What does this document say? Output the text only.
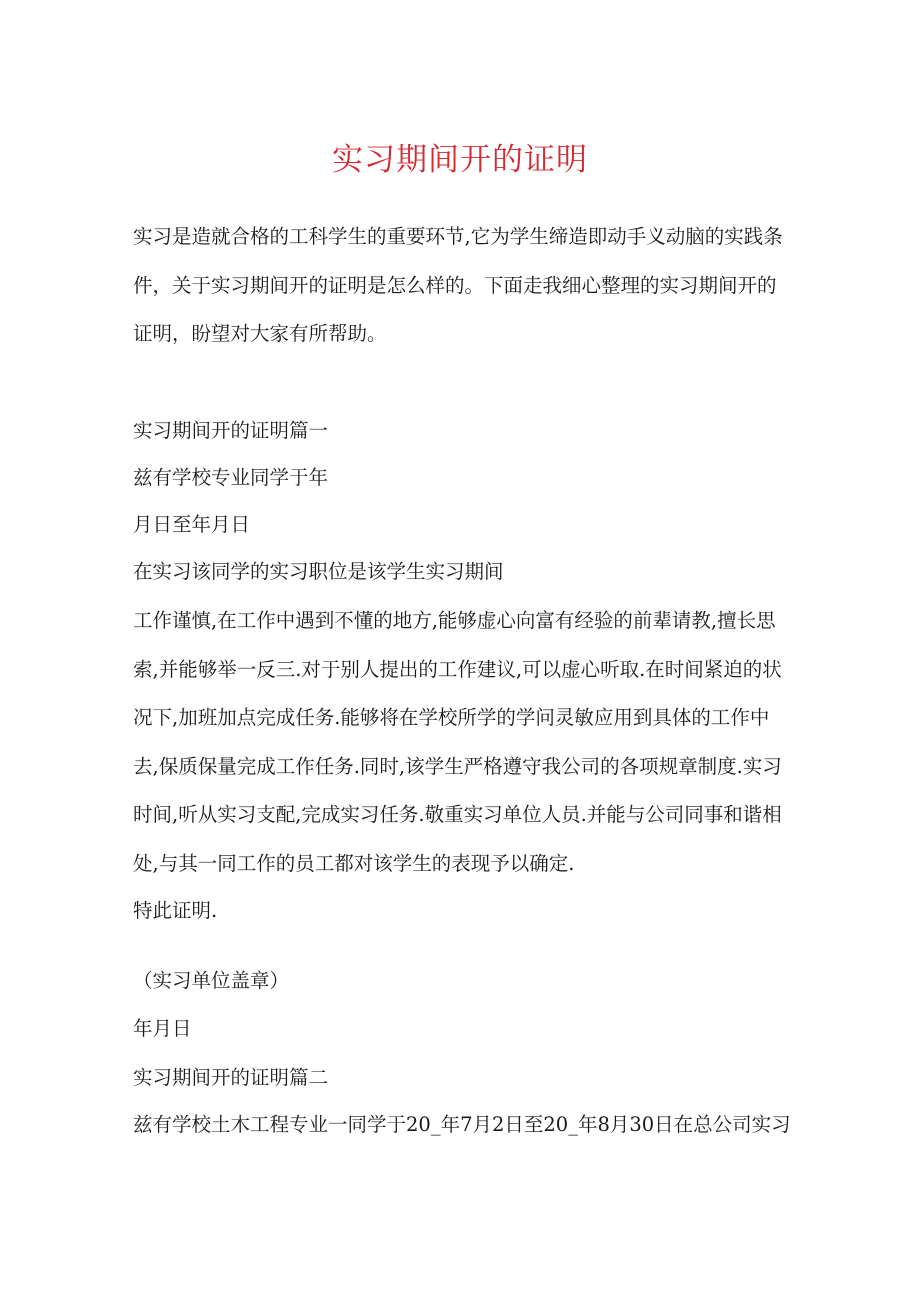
实习期间开的证明
实习是造就合格的工科学生的重要环节,它为学生缔造即动手义动脑的实践条件，关于实习期间开的证明是怎么样的。下面走我细心整理的实习期间开的证明，盼望对大家有所帮助。
实习期间开的证明篇一
兹有学校专业同学于年
月日至年月日
在实习该同学的实习职位是该学生实习期间
工作谨慎,在工作中遇到不懂的地方,能够虚心向富有经验的前辈请教,擅长思索,并能够举一反三.对于别人提出的工作建议,可以虚心听取.在时间紧迫的状况下,加班加点完成任务.能够将在学校所学的学问灵敏应用到具体的工作中去,保质保量完成工作任务.同时,该学生严格遵守我公司的各项规章制度.实习时间,听从实习支配,完成实习任务.敬重实习单位人员.并能与公司同事和谐相处,与其一同工作的员工都对该学生的表现予以确定.
特此证明.
（实习单位盖章）
年月日
实习期间开的证明篇二
兹有学校土木工程专业一同学于20_年7月2日至20_年8月30日在总公司实习
